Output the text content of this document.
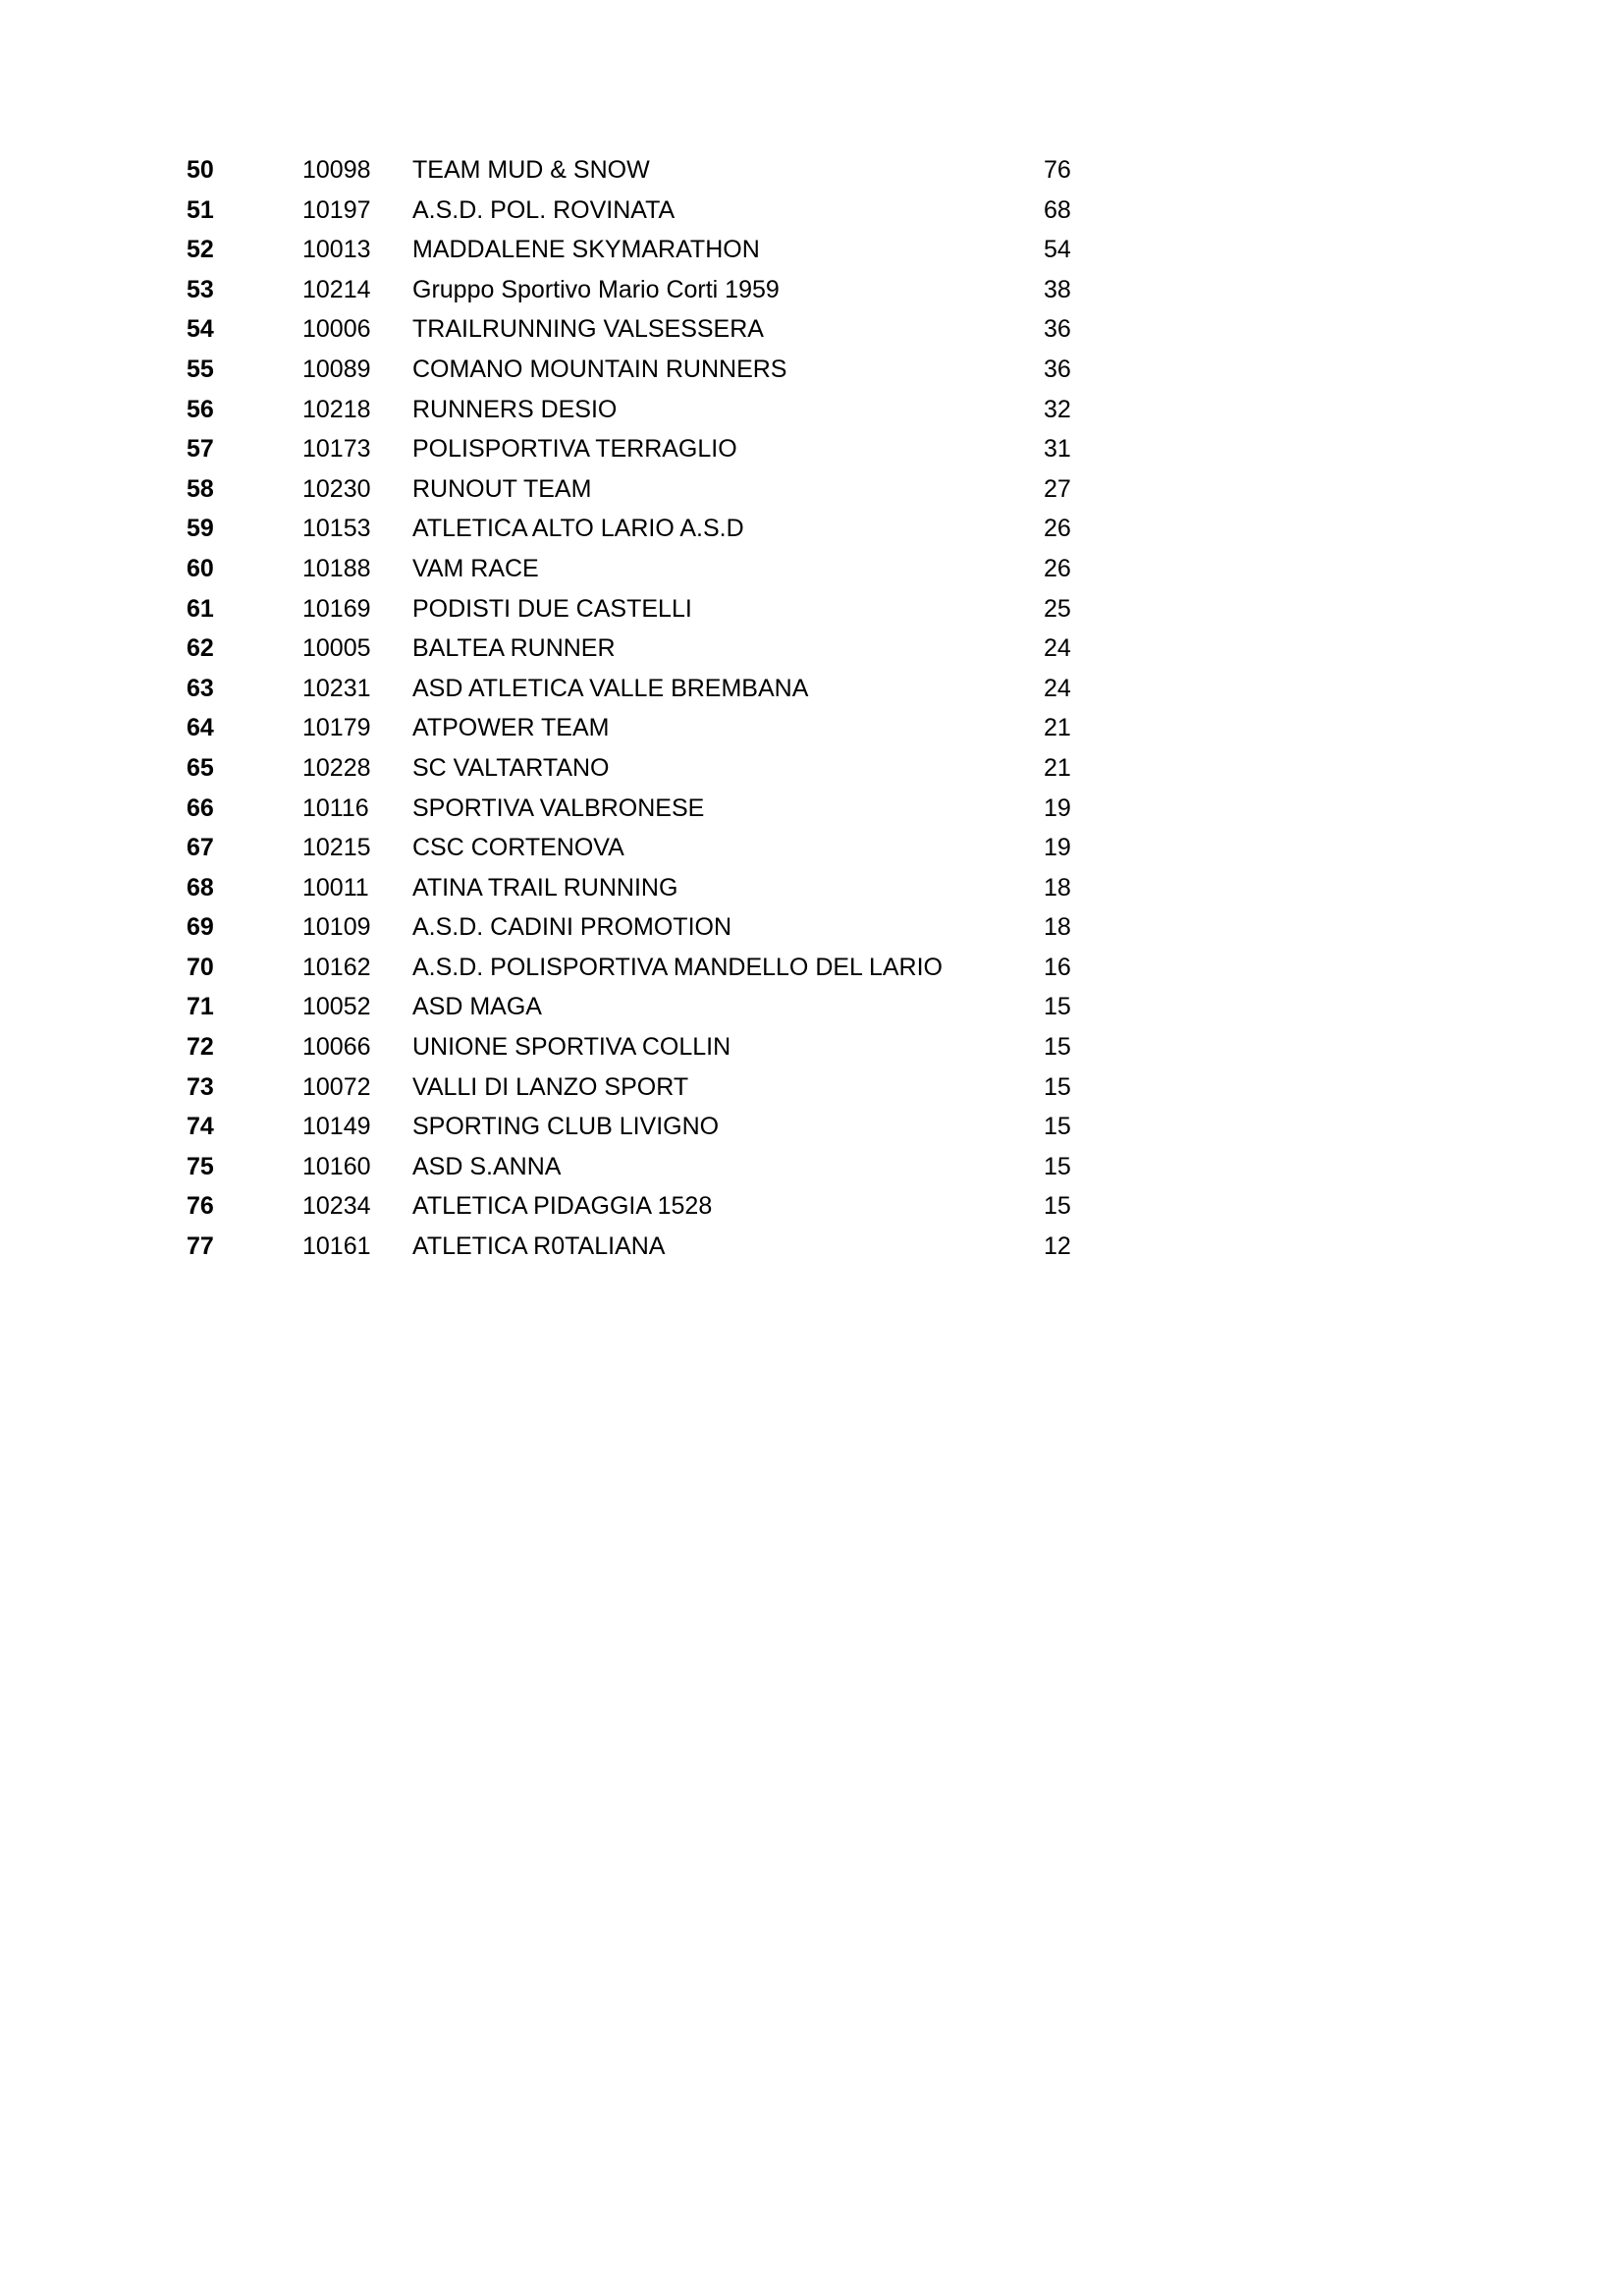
50	10098 TEAM MUD & SNOW	76
51	10197 A.S.D. POL. ROVINATA	68
52	10013 MADDALENE SKYMARATHON	54
53	10214 Gruppo Sportivo Mario Corti 1959	38
54	10006 TRAILRUNNING VALSESSERA	36
55	10089 COMANO MOUNTAIN RUNNERS	36
56	10218 RUNNERS DESIO	32
57	10173 POLISPORTIVA TERRAGLIO	31
58	10230 RUNOUT TEAM	27
59	10153 ATLETICA ALTO LARIO A.S.D	26
60	10188 VAM RACE	26
61	10169 PODISTI DUE CASTELLI	25
62	10005 BALTEA RUNNER	24
63	10231 ASD ATLETICA VALLE BREMBANA	24
64	10179 ATPOWER TEAM	21
65	10228 SC VALTARTANO	21
66	10116 SPORTIVA VALBRONESE	19
67	10215 CSC CORTENOVA	19
68	10011 ATINA TRAIL RUNNING	18
69	10109 A.S.D. CADINI PROMOTION	18
70	10162 A.S.D. POLISPORTIVA MANDELLO DEL LARIO	16
71	10052 ASD MAGA	15
72	10066 UNIONE SPORTIVA COLLIN	15
73	10072 VALLI DI LANZO SPORT	15
74	10149 SPORTING CLUB LIVIGNO	15
75	10160 ASD S.ANNA	15
76	10234 ATLETICA PIDAGGIA 1528	15
77	10161 ATLETICA R0TALIANA	12
